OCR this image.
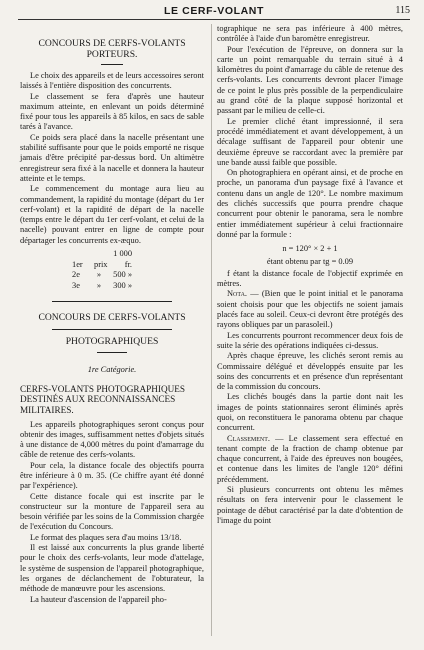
LE CERF-VOLANT	115

CONCOURS DE CERFS-VOLANTS PORTEURS.

Le choix des appareils et de leurs accessoires seront laissés à l'entière disposition des concurrents.

Le classement se fera d'après une hauteur maximum atteinte, en enlevant un poids déterminé fixé pour tous les appareils à 85 kilos, en sacs de sable tarés à l'avance.

Ce poids sera placé dans la nacelle présentant une stabilité suffisante pour que le poids emporté ne risque jamais d'être précipité par-dessus bord. Un altimètre enregistreur sera fixé à la nacelle et donnera la hauteur atteinte et le temps.

Le commencement du montage aura lieu au commandement, la rapidité du montage (départ du 1er cerf-volant) et la rapidité de départ de la nacelle (temps entre le départ du 1er cerf-volant, et celui de la nacelle) pouvant entrer en ligne de compte pour départager les concurrents ex-æquo.

1er prix1 000 fr.
2e » 500 »
3e » 300 »
CONCOURS DE CERFS-VOLANTS
PHOTOGRAPHIQUES
1re Catégorie.

CERFS-VOLANTS PHOTOGRAPHIQUES DESTINÉS AUX RECONNAISSANCES MILITAIRES.

Les appareils photographiques seront conçus pour obtenir des images, suffisamment nettes d'objets situés à une distance de 4,000 mètres du point d'amarrage du câble de retenue des cerfs-volants.

Pour cela, la distance focale des objectifs pourra être inférieure à 0 m. 35. (Ce chiffre ayant été donné par l'expérience).

Cette distance focale qui est inscrite par le constructeur sur la monture de l'appareil sera au besoin vérifiée par les soins de la Commission chargée de l'exécution du Concours.

Le format des plaques sera d'au moins 13/18.

Il est laissé aux concurrents la plus grande liberté pour le choix des cerfs-volants, leur mode d'attelage, le système de suspension de l'appareil photographique, les organes de déclanchement de l'obturateur, la méthode de manœuvre pour les ascensions.

La hauteur d'ascension de l'appareil pho-

tographique ne sera pas inférieure à 400 mètres, contrôlée à l'aide d'un baromètre enregistreur.

Pour l'exécution de l'épreuve, on donnera sur la carte un point remarquable du terrain situé à 4 kilomètres du point d'amarrage du câble de retenue des cerfs-volants. Les concurrents devront placer l'image de ce point le plus près possible de la perpendiculaire au grand côté de la plaque supposé horizontal et passant par le milieu de celle-ci.

Le premier cliché étant impressionné, il sera procédé immédiatement et avant développement, à un décalage suffisant de l'appareil pour obtenir une deuxième épreuve se raccordant avec la première par une bande aussi faible que possible.

On photographiera en opérant ainsi, et de proche en proche, un panorama d'un paysage fixé à l'avance et contenu dans un angle de 120°. Le nombre maximum des clichés successifs que pourra prendre chaque concurrent pour obtenir le panorama, sera le nombre entier immédiatement supérieur à celui fractionnaire donné par la formule :

n = 120° × 2 + 1

étant obtenu par tg = 0.09

f étant la distance focale de l'objectif exprimée en mètres.

Nota. — (Bien que le point initial et le panorama soient choisis pour que les objectifs ne soient jamais placés face au soleil. Ceux-ci devront être protégés des rayons obliques par un parasoleil.)

Les concurrents pourront recommencer deux fois de suite la série des opérations indiquées ci-dessus.

Après chaque épreuve, les clichés seront remis au Commissaire délégué et développés ensuite par les soins des concurrents et en présence d'un représentant de la commission du concours.

Les clichés bougés dans la partie dont nait les images de points stationnaires seront éliminés après quoi, on reconstituera le panorama obtenu par chaque concurrent.

Classement. — Le classement sera effectué en tenant compte de la fraction de champ obtenue par chaque concurrent, à l'aide des épreuves non bougées, et contenue dans les limites de l'angle 120° défini précédemment.

Si plusieurs concurrents ont obtenu les mêmes résultats on fera intervenir pour le classement le pointage de début caractérisé par la date d'obtention de l'image du point
